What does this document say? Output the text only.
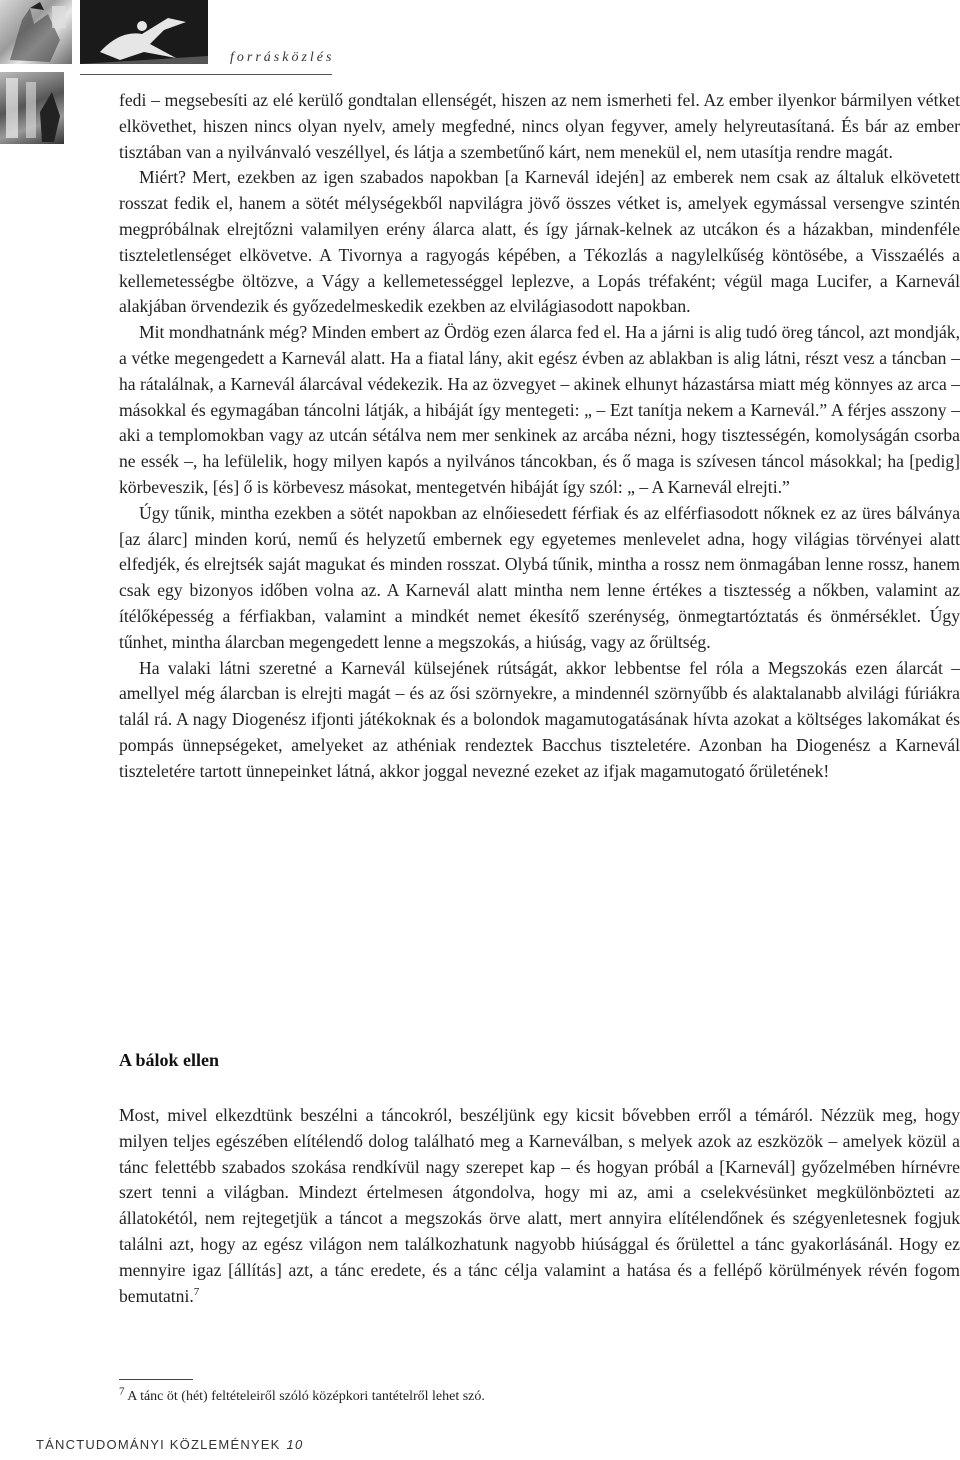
forrásközlés

fedi – megsebesíti az elé kerülő gondtalan ellenségét, hiszen az nem ismerheti fel. Az ember ilyenkor bármilyen vétket elkövethet, hiszen nincs olyan nyelv, amely megfedné, nincs olyan fegyver, amely helyreutasítaná. És bár az ember tisztában van a nyilvánvaló veszéllyel, és látja a szembetűnő kárt, nem menekül el, nem utasítja rendre magát.

Miért? Mert, ezekben az igen szabados napokban [a Karnevál idején] az emberek nem csak az általuk elkövetett rosszat fedik el, hanem a sötét mélységekből napvilágra jövő összes vétket is, amelyek egymással versengve szintén megpróbálnak elrejtőzni valamilyen erény álarca alatt, és így járnak-kelnek az utcákon és a házakban, mindenféle tiszteletlenséget elkövetve. A Tivornya a ragyogás képében, a Tékozlás a nagylelkűség köntösébe, a Visszaélés a kellemetességbe öltözve, a Vágy a kellemetességgel leplezve, a Lopás tréfaként; végül maga Lucifer, a Karnevál alakjában örvendezik és győzedelmeskedik ezekben az elvilágiasodott napokban.

Mit mondhatnánk még? Minden embert az Ördög ezen álarca fed el. Ha a járni is alig tudó öreg táncol, azt mondják, a vétke megengedett a Karnevál alatt. Ha a fiatal lány, akit egész évben az ablakban is alig látni, részt vesz a táncban – ha rátalálnak, a Karnevál álarcával védekezik. Ha az özvegyet – akinek elhunyt házastársa miatt még könnyes az arca – másokkal és egymagában táncolni látják, a hibáját így mentegeti: „ – Ezt tanítja nekem a Karnevál.” A férjes asszony – aki a templomokban vagy az utcán sétálva nem mer senkinek az arcába nézni, hogy tisztességén, komolyságán csorba ne essék –, ha lefülelik, hogy milyen kapós a nyilvános táncokban, és ő maga is szívesen táncol másokkal; ha [pedig] körbeveszik, [és] ő is körbevesz másokat, mentegetvén hibáját így szól: „ – A Karnevál elrejti.”

Úgy tűnik, mintha ezekben a sötét napokban az elnőiesedett férfiak és az elférfiasodott nőknek ez az üres bálványa [az álarc] minden korú, nemű és helyzetű embernek egy egyetemes menlevelet adna, hogy világias törvényei alatt elfedjék, és elrejtsék saját magukat és minden rosszat. Olybá tűnik, mintha a rossz nem önmagában lenne rossz, hanem csak egy bizonyos időben volna az. A Karnevál alatt mintha nem lenne értékes a tisztesség a nőkben, valamint az ítélőképesség a férfiakban, valamint a mindkét nemet ékesítő szerénység, önmegtartóztatás és önmérséklet. Úgy tűnhet, mintha álarcban megengedett lenne a megszokás, a hiúság, vagy az őrültség.

Ha valaki látni szeretné a Karnevál külsejének rútságát, akkor lebbentse fel róla a Megszokás ezen álarcát – amellyel még álarcban is elrejti magát – és az ősi szörnyekre, a mindennél szörnyűbb és alaktalanabb alvilági fúriákra talál rá. A nagy Diogenész ifjonti játékoknak és a bolondok magamutogatásának hívta azokat a költséges lakomákat és pompás ünnepségeket, amelyeket az athéniak rendeztek Bacchus tiszteletére. Azonban ha Diogenész a Karnevál tiszteletére tartott ünnepeinket látná, akkor joggal nevezné ezeket az ifjak magamutogató őrületének!

A bálok ellen

Most, mivel elkezdtünk beszélni a táncokról, beszéljünk egy kicsit bővebben erről a témáról. Nézzük meg, hogy milyen teljes egészében elítélendő dolog található meg a Karneválban, s melyek azok az eszközök – amelyek közül a tánc felettébb szabados szokása rendkívül nagy szerepet kap – és hogyan próbál a [Karnevál] győzelmében hírnévre szert tenni a világban. Mindezt értelmesen átgondolva, hogy mi az, ami a cselekvésünket megkülönbözteti az állatokétól, nem rejtegetjük a táncot a megszokás örve alatt, mert annyira elítélendőnek és szégyenletesnek fogjuk találni azt, hogy az egész világon nem találkozhatunk nagyobb hiúsággal és őrülettel a tánc gyakorlásánál. Hogy ez mennyire igaz [állítás] azt, a tánc eredete, és a tánc célja valamint a hatása és a fellépő körülmények révén fogom bemutatni.$^7$

$^7$ A tánc öt (hét) feltételeiről szóló középkori tantételről lehet szó.
TÁNCTUDOMÁNYI KÖZLEMÉNYEK 10
